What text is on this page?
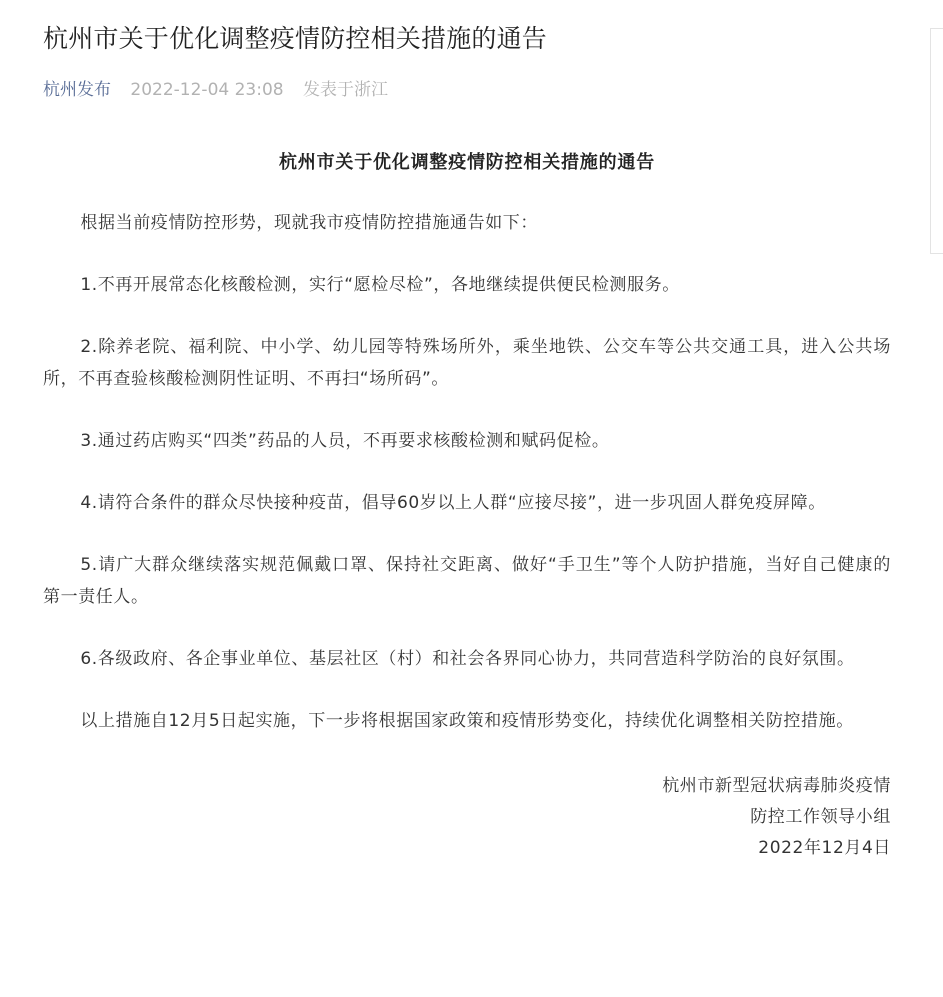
杭州市关于优化调整疫情防控相关措施的通告
杭州发布 2022-12-04 23:08 发表于浙江

杭州市关于优化调整疫情防控相关措施的通告

根据当前疫情防控形势，现就我市疫情防控措施通告如下：

1.不再开展常态化核酸检测，实行“愿检尽检”，各地继续提供便民检测服务。

2.除养老院、福利院、中小学、幼儿园等特殊场所外，乘坐地铁、公交车等公共交通工具，进入公共场所，不再查验核酸检测阴性证明、不再扫“场所码”。

3.通过药店购买“四类”药品的人员，不再要求核酸检测和赋码促检。

4.请符合条件的群众尽快接种疫苗，倡导60岁以上人群“应接尽接”，进一步巩固人群免疫屏障。

5.请广大群众继续落实规范佩戴口罩、保持社交距离、做好“手卫生”等个人防护措施，当好自己健康的第一责任人。

6.各级政府、各企事业单位、基层社区（村）和社会各界同心协力，共同营造科学防治的良好氛围。

以上措施自12月5日起实施，下一步将根据国家政策和疫情形势变化，持续优化调整相关防控措施。

杭州市新型冠状病毒肺炎疫情
防控工作领导小组
2022年12月4日
